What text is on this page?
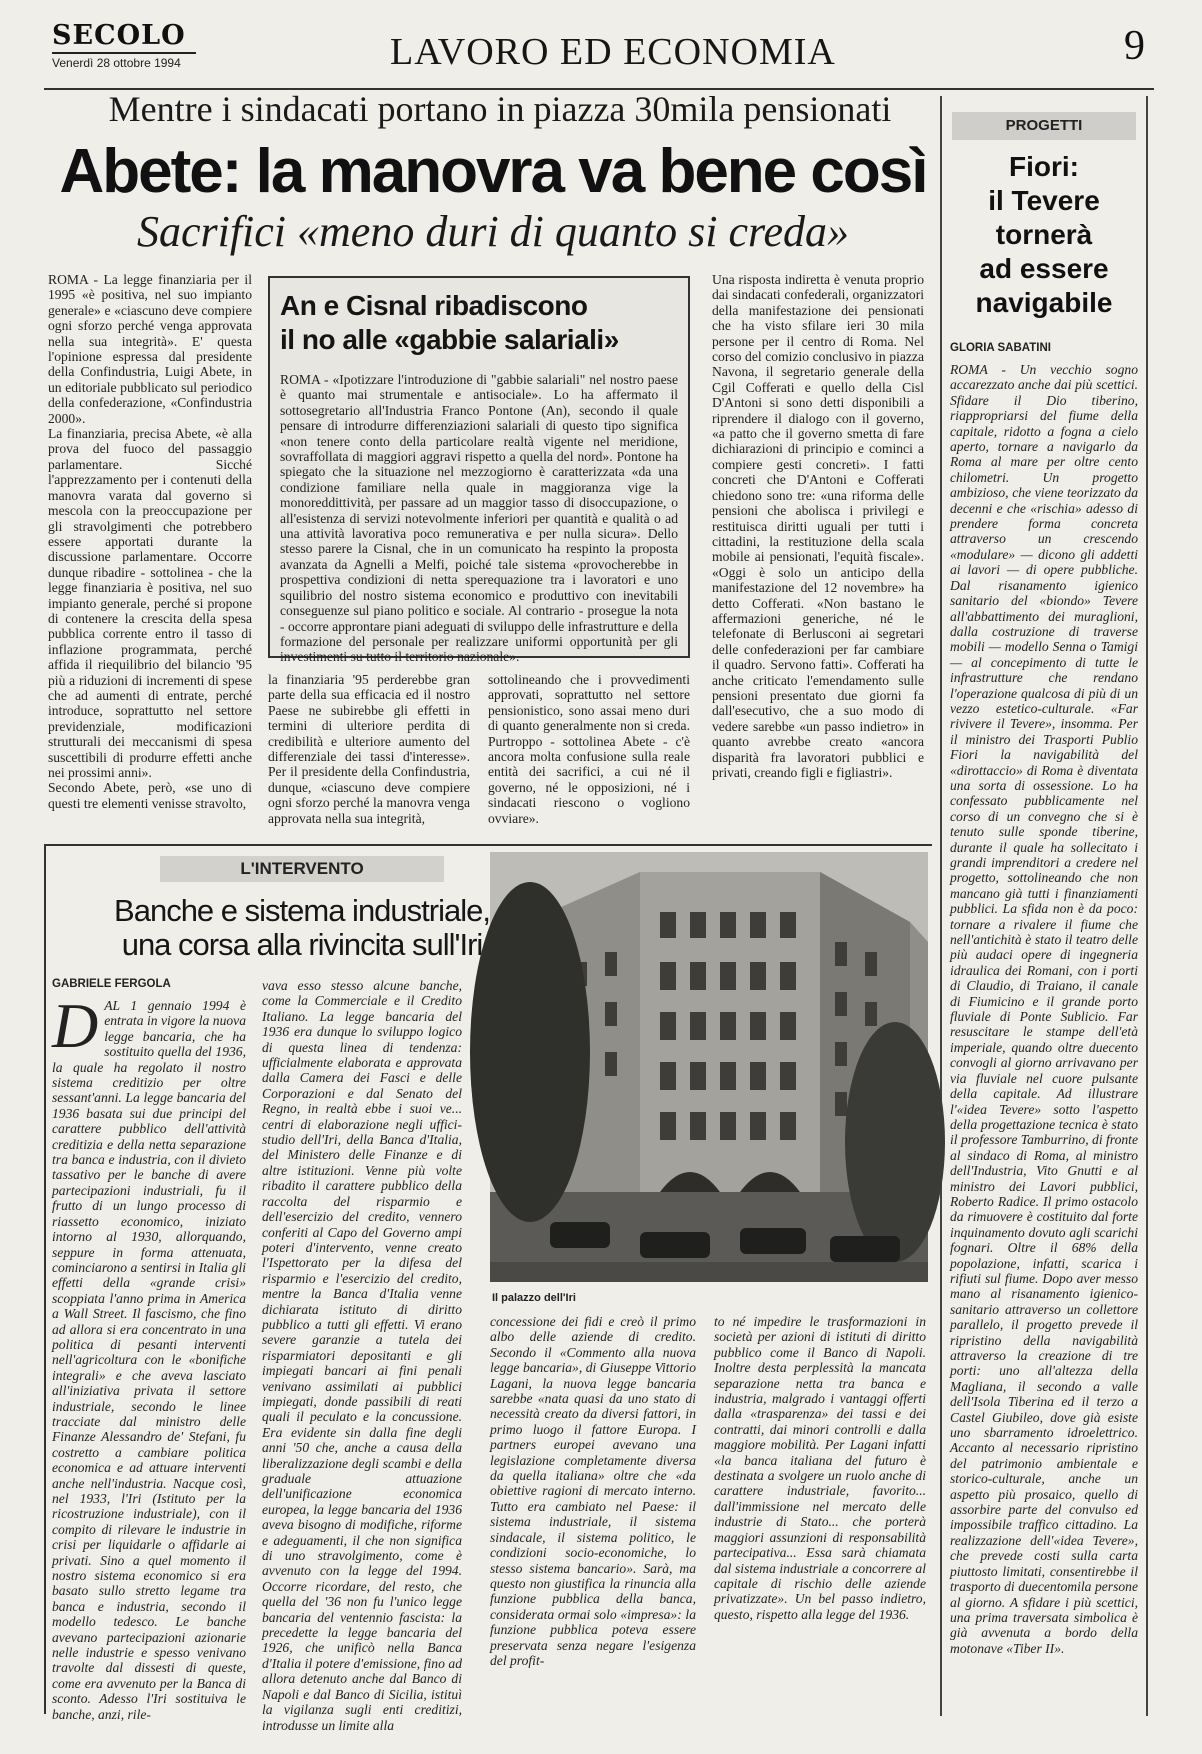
SECOLO
Venerdì 28 ottobre 1994	LAVORO ED ECONOMIA	9
Mentre i sindacati portano in piazza 30mila pensionati
Abete: la manovra va bene così
Sacrifici «meno duri di quanto si creda»

ROMA - La legge finanziaria per il 1995 «è positiva, nel suo impianto generale» e «ciascuno deve compiere ogni sforzo perché venga approvata nella sua integrità». E' questa l'opinione espressa dal presidente della Confindustria, Luigi Abete, in un editoriale pubblicato sul periodico della confederazione, «Confindustria 2000».

La finanziaria, precisa Abete, «è alla prova del fuoco del passaggio parlamentare. Sicché l'apprezzamento per i contenuti della manovra varata dal governo si mescola con la preoccupazione per gli stravolgimenti che potrebbero essere apportati durante la discussione parlamentare. Occorre dunque ribadire - sottolinea - che la legge finanziaria è positiva, nel suo impianto generale, perché si propone di contenere la crescita della spesa pubblica corrente entro il tasso di inflazione programmata, perché affida il riequilibrio del bilancio '95 più a riduzioni di incrementi di spese che ad aumenti di entrate, perché introduce, soprattutto nel settore previdenziale, modificazioni strutturali dei meccanismi di spesa suscettibili di produrre effetti anche nei prossimi anni».

Secondo Abete, però, «se uno di questi tre elementi venisse stravolto,

An e Cisnal ribadiscono
il no alle «gabbie salariali»
ROMA - «Ipotizzare l'introduzione di "gabbie salariali" nel nostro paese è quanto mai strumentale e antisociale». Lo ha affermato il sottosegretario all'Industria Franco Pontone (An), secondo il quale pensare di introdurre differenziazioni salariali di questo tipo significa «non tenere conto della particolare realtà vigente nel meridione, sovraffollata di maggiori aggravi rispetto a quella del nord». Pontone ha spiegato che la situazione nel mezzogiorno è caratterizzata «da una condizione familiare nella quale in maggioranza vige la monoreddittività, per passare ad un maggior tasso di disoccupazione, o all'esistenza di servizi notevolmente inferiori per quantità e qualità o ad una attività lavorativa poco remunerativa e per nulla sicura». Dello stesso parere la Cisnal, che in un comunicato ha respinto la proposta avanzata da Agnelli a Melfi, poiché tale sistema «provocherebbe in prospettiva condizioni di netta sperequazione tra i lavoratori e uno squilibrio del nostro sistema economico e produttivo con inevitabili conseguenze sul piano politico e sociale. Al contrario - prosegue la nota - occorre approntare piani adeguati di sviluppo delle infrastrutture e della formazione del personale per realizzare uniformi opportunità per gli investimenti su tutto il territorio nazionale».
la finanziaria '95 perderebbe gran parte della sua efficacia ed il nostro Paese ne subirebbe gli effetti in termini di ulteriore perdita di credibilità e ulteriore aumento del differenziale dei tassi d'interesse». Per il presidente della Confindustria, dunque, «ciascuno deve compiere ogni sforzo perché la manovra venga approvata nella sua integrità,
sottolineando che i provvedimenti approvati, soprattutto nel settore pensionistico, sono assai meno duri di quanto generalmente non si creda. Purtroppo - sottolinea Abete - c'è ancora molta confusione sulla reale entità dei sacrifici, a cui né il governo, né le opposizioni, né i sindacati riescono o vogliono ovviare».
Una risposta indiretta è venuta proprio dai sindacati confederali, organizzatori della manifestazione dei pensionati che ha visto sfilare ieri 30 mila persone per il centro di Roma. Nel corso del comizio conclusivo in piazza Navona, il segretario generale della Cgil Cofferati e quello della Cisl D'Antoni si sono detti disponibili a riprendere il dialogo con il governo, «a patto che il governo smetta di fare dichiarazioni di principio e cominci a compiere gesti concreti». I fatti concreti che D'Antoni e Cofferati chiedono sono tre: «una riforma delle pensioni che abolisca i privilegi e restituisca diritti uguali per tutti i cittadini, la restituzione della scala mobile ai pensionati, l'equità fiscale». «Oggi è solo un anticipo della manifestazione del 12 novembre» ha detto Cofferati. «Non bastano le affermazioni generiche, né le telefonate di Berlusconi ai segretari delle confederazioni per far cambiare il quadro. Servono fatti». Cofferati ha anche criticato l'emendamento sulle pensioni presentato due giorni fa dall'esecutivo, che a suo modo di vedere sarebbe «un passo indietro» in quanto avrebbe creato «ancora disparità fra lavoratori pubblici e privati, creando figli e figliastri».
PROGETTI
Fiori:
il Tevere
tornerà
ad essere
navigabile
GLORIA SABATINI
ROMA - Un vecchio sogno accarezzato anche dai più scettici. Sfidare il Dio tiberino, riappropriarsi del fiume della capitale, ridotto a fogna a cielo aperto, tornare a navigarlo da Roma al mare per oltre cento chilometri. Un progetto ambizioso, che viene teorizzato da decenni e che «rischia» adesso di prendere forma concreta attraverso un crescendo «modulare» — dicono gli addetti ai lavori — di opere pubbliche. Dal risanamento igienico sanitario del «biondo» Tevere all'abbattimento dei muraglioni, dalla costruzione di traverse mobili — modello Senna o Tamigi — al concepimento di tutte le infrastrutture che rendano l'operazione qualcosa di più di un vezzo estetico-culturale. «Far rivivere il Tevere», insomma. Per il ministro dei Trasporti Publio Fiori la navigabilità del «dirottaccio» di Roma è diventata una sorta di ossessione. Lo ha confessato pubblicamente nel corso di un convegno che si è tenuto sulle sponde tiberine, durante il quale ha sollecitato i grandi imprenditori a credere nel progetto, sottolineando che non mancano già tutti i finanziamenti pubblici. La sfida non è da poco: tornare a rivalere il fiume che nell'antichità è stato il teatro delle più audaci opere di ingegneria idraulica dei Romani, con i porti di Claudio, di Traiano, il canale di Fiumicino e il grande porto fluviale di Ponte Sublicio. Far resuscitare le stampe dell'età imperiale, quando oltre duecento convogli al giorno arrivavano per via fluviale nel cuore pulsante della capitale. Ad illustrare l'«idea Tevere» sotto l'aspetto della progettazione tecnica è stato il professore Tamburrino, di fronte al sindaco di Roma, al ministro dell'Industria, Vito Gnutti e al ministro dei Lavori pubblici, Roberto Radice. Il primo ostacolo da rimuovere è costituito dal forte inquinamento dovuto agli scarichi fognari. Oltre il 68% della popolazione, infatti, scarica i rifiuti sul fiume. Dopo aver messo mano al risanamento igienico-sanitario attraverso un collettore parallelo, il progetto prevede il ripristino della navigabilità attraverso la creazione di tre porti: uno all'altezza della Magliana, il secondo a valle dell'Isola Tiberina ed il terzo a Castel Giubileo, dove già esiste uno sbarramento idroelettrico. Accanto al necessario ripristino del patrimonio ambientale e storico-culturale, anche un aspetto più prosaico, quello di assorbire parte del convulso ed impossibile traffico cittadino. La realizzazione dell'«idea Tevere», che prevede costi sulla carta piuttosto limitati, consentirebbe il trasporto di duecentomila persone al giorno. A sfidare i più scettici, una prima traversata simbolica è già avvenuta a bordo della motonave «Tiber II».
L'INTERVENTO
Banche e sistema industriale,
una corsa alla rivincita sull'Iri
GABRIELE FERGOLA
DAL 1 gennaio 1994 è entrata in vigore la nuova legge bancaria, che ha sostituito quella del 1936, la quale ha regolato il nostro sistema creditizio per oltre sessant'anni. La legge bancaria del 1936 basata sui due principi del carattere pubblico dell'attività creditizia e della netta separazione tra banca e industria, con il divieto tassativo per le banche di avere partecipazioni industriali, fu il frutto di un lungo processo di riassetto economico, iniziato intorno al 1930, allorquando, seppure in forma attenuata, cominciarono a sentirsi in Italia gli effetti della «grande crisi» scoppiata l'anno prima in America a Wall Street. Il fascismo, che fino ad allora si era concentrato in una politica di pesanti interventi nell'agricoltura con le «bonifiche integrali» e che aveva lasciato all'iniziativa privata il settore industriale, secondo le linee tracciate dal ministro delle Finanze Alessandro de' Stefani, fu costretto a cambiare politica economica e ad attuare interventi anche nell'industria. Nacque così, nel 1933, l'Iri (Istituto per la ricostruzione industriale), con il compito di rilevare le industrie in crisi per liquidarle o affidarle ai privati. Sino a quel momento il nostro sistema economico si era basato sullo stretto legame tra banca e industria, secondo il modello tedesco. Le banche avevano partecipazioni azionarie nelle industrie e spesso venivano travolte dal dissesti di queste, come era avvenuto per la Banca di sconto. Adesso l'Iri sostituiva le banche, anzi, rile-
vava esso stesso alcune banche, come la Commerciale e il Credito Italiano. La legge bancaria del 1936 era dunque lo sviluppo logico di questa linea di tendenza: ufficialmente elaborata e approvata dalla Camera dei Fasci e delle Corporazioni e dal Senato del Regno, in realtà ebbe i suoi ve... centri di elaborazione negli uffici-studio dell'Iri, della Banca d'Italia, del Ministero delle Finanze e di altre istituzioni. Venne più volte ribadito il carattere pubblico della raccolta del risparmio e dell'esercizio del credito, vennero conferiti al Capo del Governo ampi poteri d'intervento, venne creato l'Ispettorato per la difesa del risparmio e l'esercizio del credito, mentre la Banca d'Italia venne dichiarata istituto di diritto pubblico a tutti gli effetti. Vi erano severe garanzie a tutela dei risparmiatori depositanti e gli impiegati bancari ai fini penali venivano assimilati ai pubblici impiegati, donde passibili di reati quali il peculato e la concussione. Era evidente sin dalla fine degli anni '50 che, anche a causa della liberalizzazione degli scambi e della graduale attuazione dell'unificazione economica europea, la legge bancaria del 1936 aveva bisogno di modifiche, riforme e adeguamenti, il che non significa di uno stravolgimento, come è avvenuto con la legge del 1994. Occorre ricordare, del resto, che quella del '36 non fu l'unico legge bancaria del ventennio fascista: la precedette la legge bancaria del 1926, che unificò nella Banca d'Italia il potere d'emissione, fino ad allora detenuto anche dal Banco di Napoli e dal Banco di Sicilia, istituì la vigilanza sugli enti creditizi, introdusse un limite alla
Il palazzo dell'Iri
concessione dei fidi e creò il primo albo delle aziende di credito. Secondo il «Commento alla nuova legge bancaria», di Giuseppe Vittorio Lagani, la nuova legge bancaria sarebbe «nata quasi da uno stato di necessità creato da diversi fattori, in primo luogo il fattore Europa. I partners europei avevano una legislazione completamente diversa da quella italiana» oltre che «da obiettive ragioni di mercato interno. Tutto era cambiato nel Paese: il sistema industriale, il sistema sindacale, il sistema politico, le condizioni socio-economiche, lo stesso sistema bancario». Sarà, ma questo non giustifica la rinuncia alla funzione pubblica della banca, considerata ormai solo «impresa»: la funzione pubblica poteva essere preservata senza negare l'esigenza del profit-
to né impedire le trasformazioni in società per azioni di istituti di diritto pubblico come il Banco di Napoli. Inoltre desta perplessità la mancata separazione netta tra banca e industria, malgrado i vantaggi offerti dalla «trasparenza» dei tassi e dei contratti, dai minori controlli e dalla maggiore mobilità. Per Lagani infatti «la banca italiana del futuro è destinata a svolgere un ruolo anche di carattere industriale, favorito... dall'immissione nel mercato delle industrie di Stato... che porterà maggiori assunzioni di responsabilità partecipativa... Essa sarà chiamata dal sistema industriale a concorrere al capitale di rischio delle aziende privatizzate». Un bel passo indietro, questo, rispetto alla legge del 1936.
